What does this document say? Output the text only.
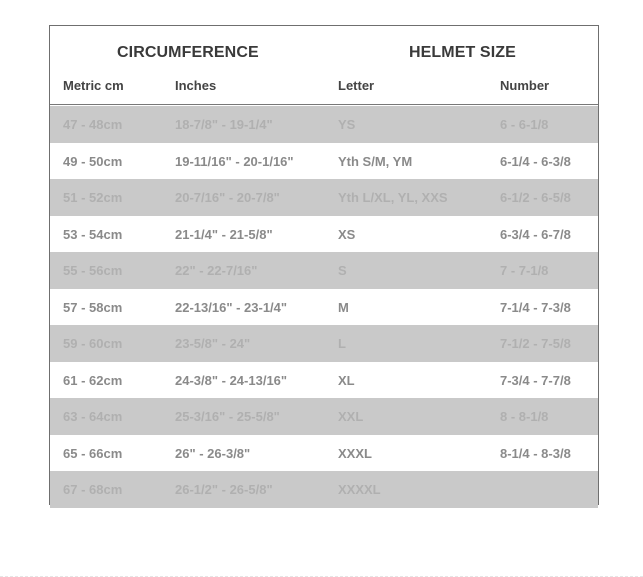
CIRCUMFERENCE	HELMET SIZE
Metric cm	Inches	Letter	Number
47 - 48cm	18-7/8" - 19-1/4"	YS	6 - 6-1/8
49 - 50cm	19-11/16" - 20-1/16"	Yth S/M, YM	6-1/4 - 6-3/8
51 - 52cm	20-7/16" - 20-7/8"	Yth L/XL, YL, XXS	6-1/2 - 6-5/8
53 - 54cm	21-1/4" - 21-5/8"	XS	6-3/4 - 6-7/8
55 - 56cm	22" - 22-7/16"	S	7 - 7-1/8
57 - 58cm	22-13/16" - 23-1/4"	M	7-1/4 - 7-3/8
59 - 60cm	23-5/8" - 24"	L	7-1/2 - 7-5/8
61 - 62cm	24-3/8" - 24-13/16"	XL	7-3/4 - 7-7/8
63 - 64cm	25-3/16" - 25-5/8"	XXL	8 - 8-1/8
65 - 66cm	26" - 26-3/8"	XXXL	8-1/4 - 8-3/8
67 - 68cm	26-1/2" - 26-5/8"	XXXXL
